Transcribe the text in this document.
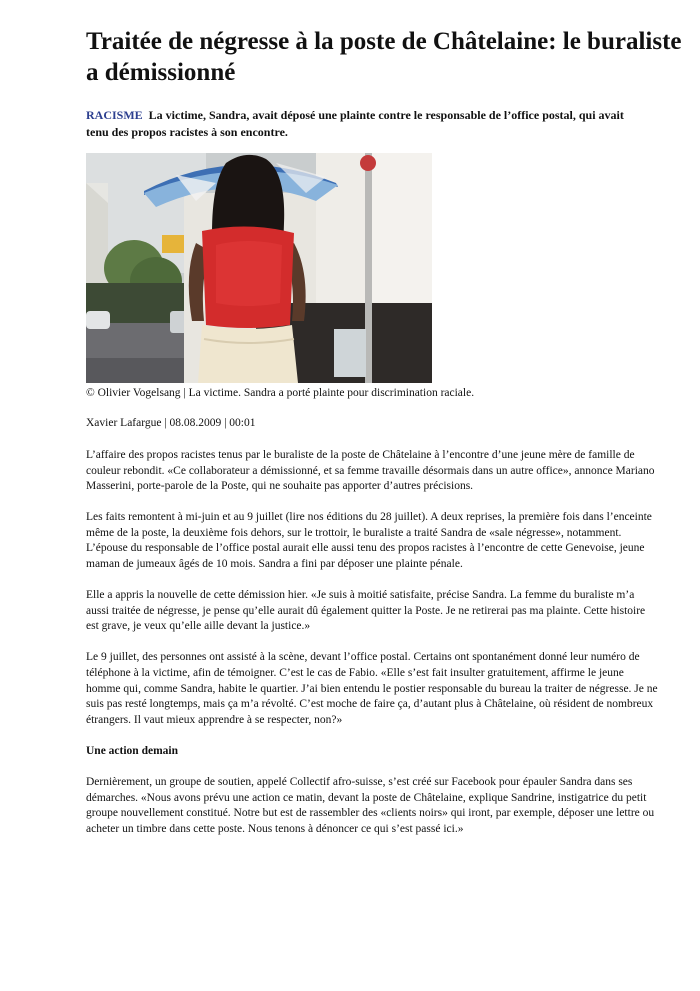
Traitée de négresse à la poste de Châtelaine: le buraliste a démissionné
RACISME La victime, Sandra, avait déposé une plainte contre le responsable de l’office postal, qui avait tenu des propos racistes à son encontre.
© Olivier Vogelsang | La victime. Sandra a porté plainte pour discrimination raciale.
Xavier Lafargue | 08.08.2009 | 00:01

L’affaire des propos racistes tenus par le buraliste de la poste de Châtelaine à l’encontre d’une jeune mère de famille de couleur rebondit. «Ce collaborateur a démissionné, et sa femme travaille désormais dans un autre office», annonce Mariano Masserini, porte-parole de la Poste, qui ne souhaite pas apporter d’autres précisions.

Les faits remontent à mi-juin et au 9 juillet (lire nos éditions du 28 juillet). A deux reprises, la première fois dans l’enceinte même de la poste, la deuxième fois dehors, sur le trottoir, le buraliste a traité Sandra de «sale négresse», notamment. L’épouse du responsable de l’office postal aurait elle aussi tenu des propos racistes à l’encontre de cette Genevoise, jeune maman de jumeaux âgés de 10 mois. Sandra a fini par déposer une plainte pénale.

Elle a appris la nouvelle de cette démission hier. «Je suis à moitié satisfaite, précise Sandra. La femme du buraliste m’a aussi traitée de négresse, je pense qu’elle aurait dû également quitter la Poste. Je ne retirerai pas ma plainte. Cette histoire est grave, je veux qu’elle aille devant la justice.»

Le 9 juillet, des personnes ont assisté à la scène, devant l’office postal. Certains ont spontanément donné leur numéro de téléphone à la victime, afin de témoigner. C’est le cas de Fabio. «Elle s’est fait insulter gratuitement, affirme le jeune homme qui, comme Sandra, habite le quartier. J’ai bien entendu le postier responsable du bureau la traiter de négresse. Je ne suis pas resté longtemps, mais ça m’a révolté. C’est moche de faire ça, d’autant plus à Châtelaine, où résident de nombreux étrangers. Il vaut mieux apprendre à se respecter, non?»

Une action demain

Dernièrement, un groupe de soutien, appelé Collectif afro-suisse, s’est créé sur Facebook pour épauler Sandra dans ses démarches. «Nous avons prévu une action ce matin, devant la poste de Châtelaine, explique Sandrine, instigatrice du petit groupe nouvellement constitué. Notre but est de rassembler des «clients noirs» qui iront, par exemple, déposer une lettre ou acheter un timbre dans cette poste. Nous tenons à dénoncer ce qui s’est passé ici.»
